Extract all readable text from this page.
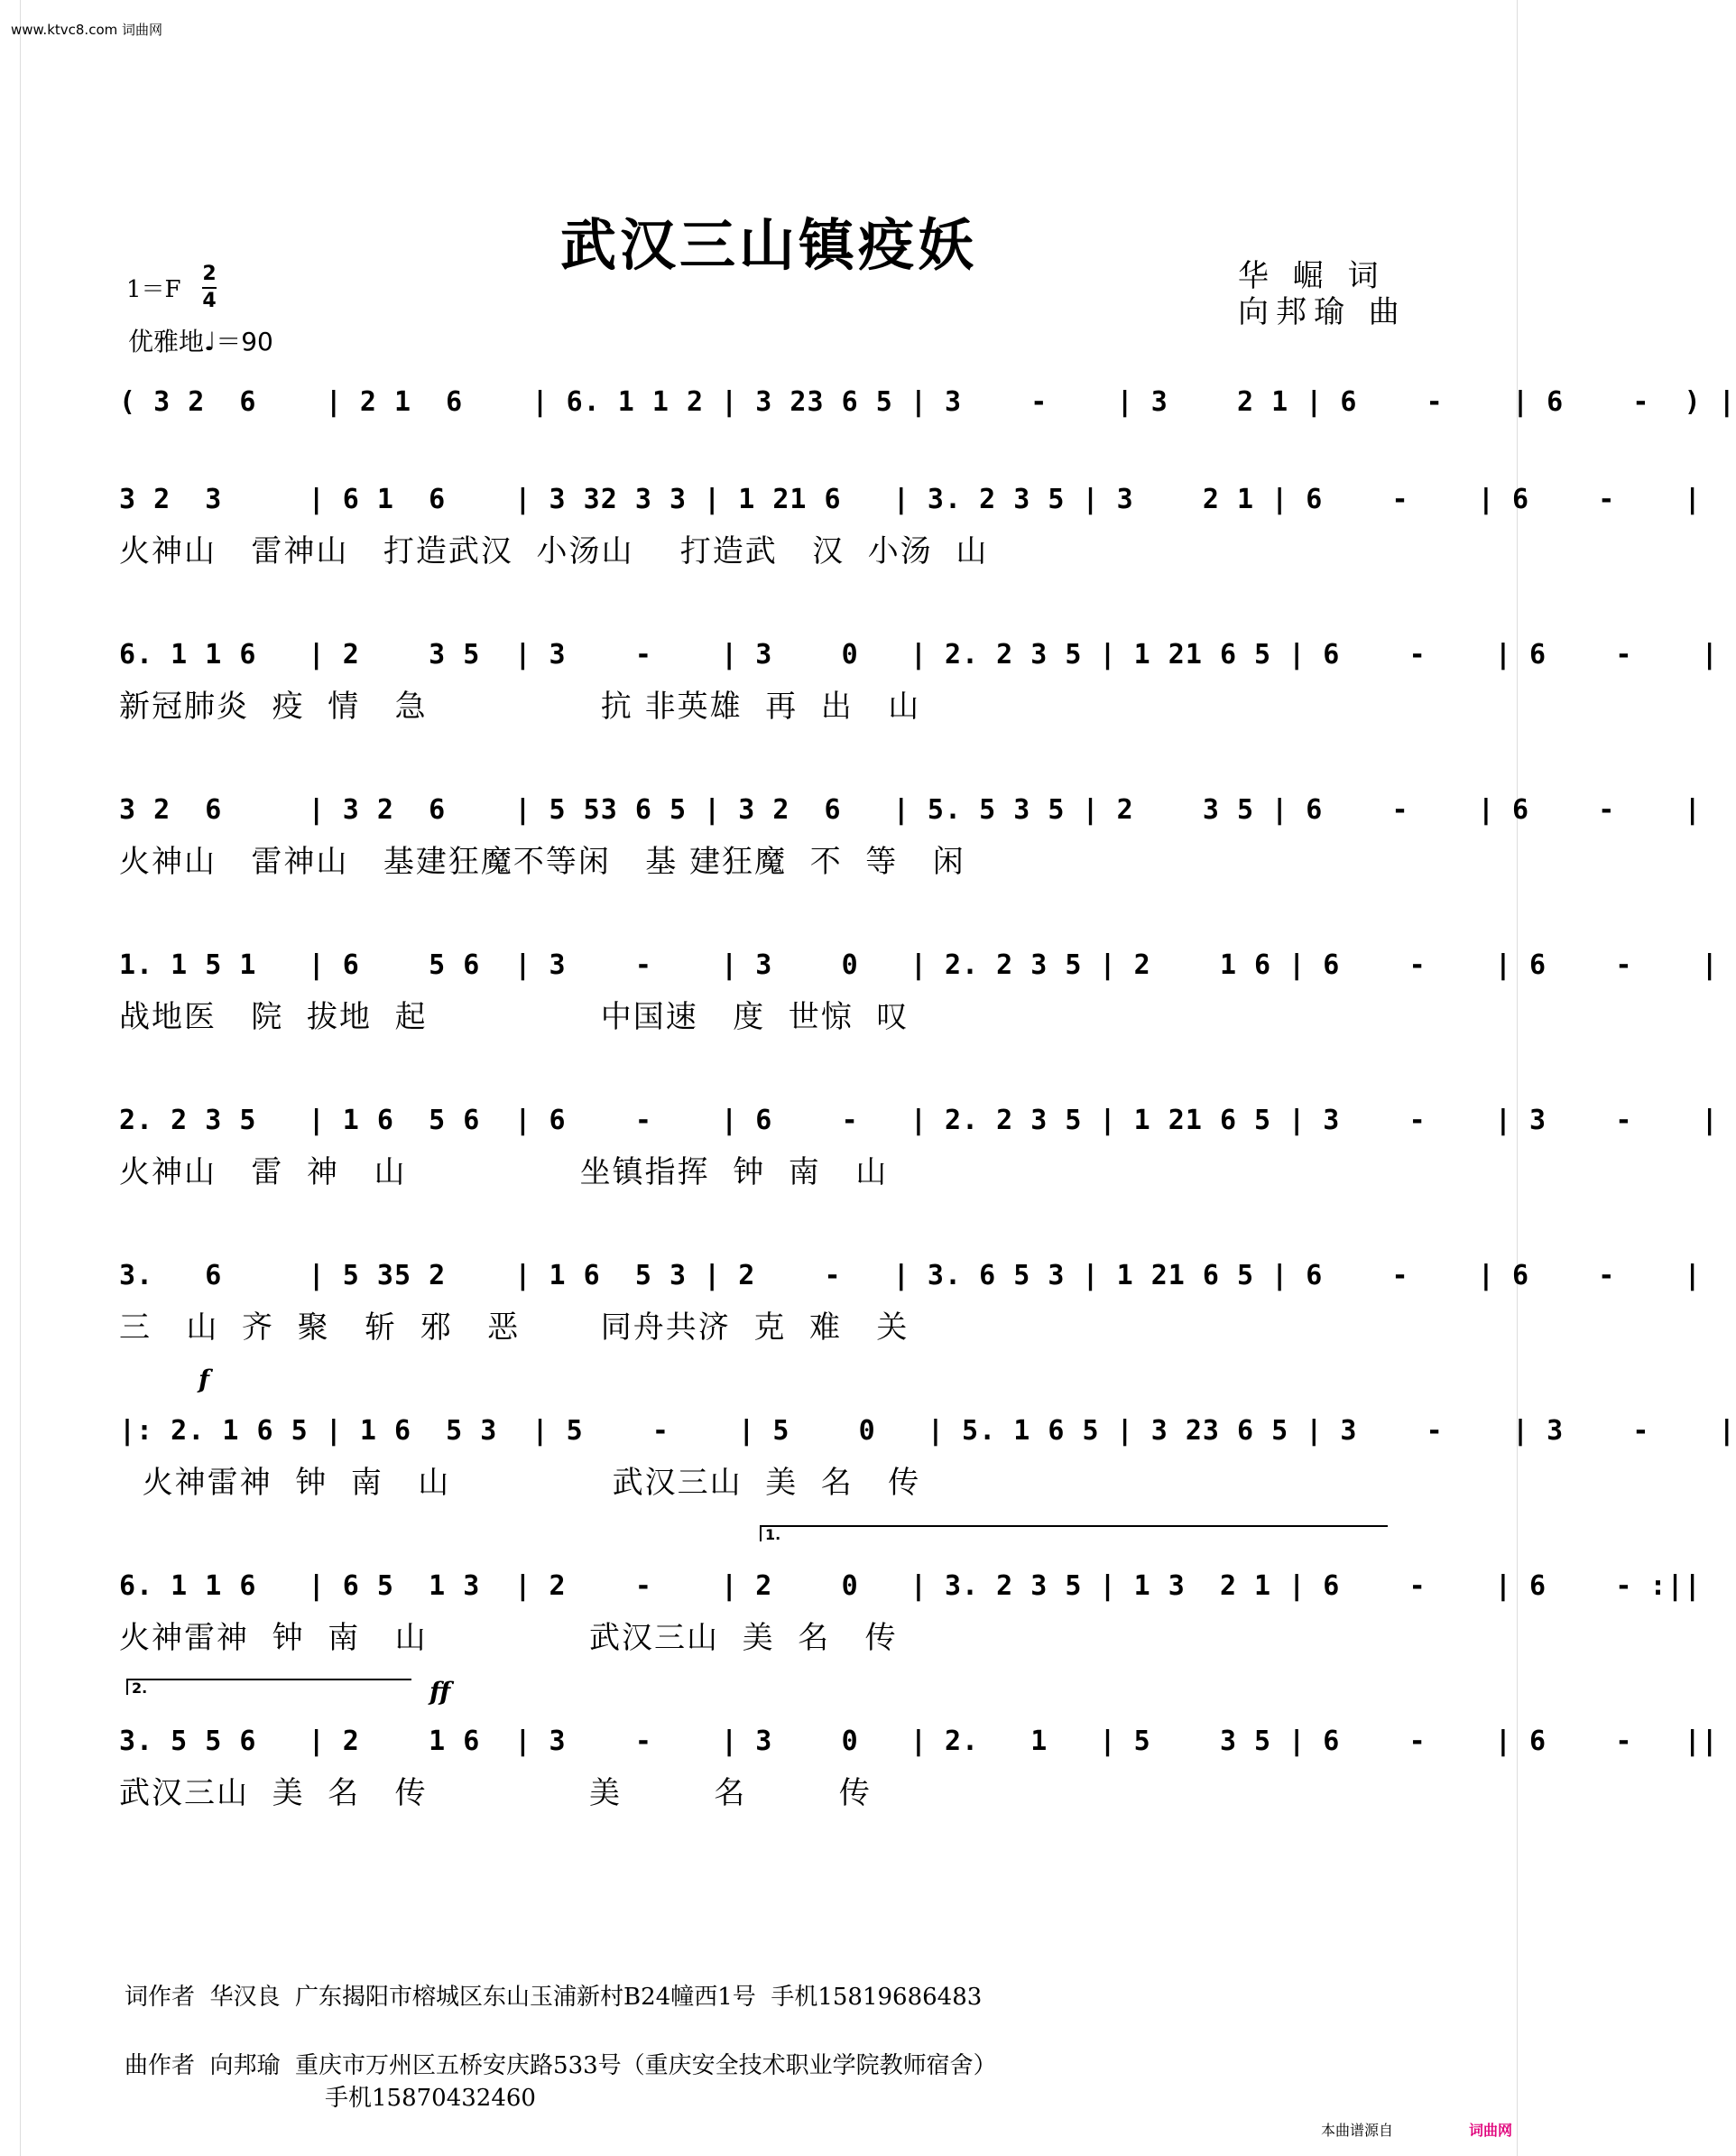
www.ktvc8.com 词曲网
武汉三山镇疫妖	华 崛 词
向邦瑜 曲
1＝F
2
4
优雅地♩＝90
f
ff
1.
2.
( 3 2  6    | 2 1  6    | 6. 1 1 2 | 3 23 6 5 | 3    -    | 3    2 1 | 6    -    | 6    -  ) |
3 2  3     | 6 1  6    | 3 32 3 3 | 1 21 6   | 3. 2 3 5 | 3    2 1 | 6    -    | 6    -    |
火神山   雷神山   打造武汉  小汤山    打造武   汉  小汤  山
6. 1 1 6   | 2    3 5  | 3    -    | 3    0   | 2. 2 3 5 | 1 21 6 5 | 6    -    | 6    -    |
新冠肺炎  疫  情   急               抗 非英雄  再  出   山
3 2  6     | 3 2  6    | 5 53 6 5 | 3 2  6   | 5. 5 3 5 | 2    3 5 | 6    -    | 6    -    |
火神山   雷神山   基建狂魔不等闲   基 建狂魔  不  等   闲
1. 1 5 1   | 6    5 6  | 3    -    | 3    0   | 2. 2 3 5 | 2    1 6 | 6    -    | 6    -    |
战地医   院  拔地  起               中国速   度  世惊  叹
2. 2 3 5   | 1 6  5 6  | 6    -    | 6    -   | 2. 2 3 5 | 1 21 6 5 | 3    -    | 3    -    |
火神山   雷  神   山               坐镇指挥  钟  南   山
3.   6     | 5 35 2    | 1 6  5 3 | 2    -   | 3. 6 5 3 | 1 21 6 5 | 6    -    | 6    -    |
三   山  齐  聚   斩  邪   恶       同舟共济  克  难   关
|: 2. 1 6 5 | 1 6  5 3  | 5    -    | 5    0   | 5. 1 6 5 | 3 23 6 5 | 3    -    | 3    -    |
火神雷神  钟  南   山              武汉三山  美  名   传
6. 1 1 6   | 6 5  1 3  | 2    -    | 2    0   | 3. 2 3 5 | 1 3  2 1 | 6    -    | 6    - :||
火神雷神  钟  南   山              武汉三山  美  名   传
3. 5 5 6   | 2    1 6  | 3    -    | 3    0   | 2.   1   | 5    3 5 | 6    -    | 6    -   ||
武汉三山  美  名   传              美        名        传
词作者  华汉良  广东揭阳市榕城区东山玉浦新村B24幢西1号  手机15819686483
曲作者  向邦瑜  重庆市万州区五桥安庆路533号（重庆安全技术职业学院教师宿舍）
手机15870432460
本曲谱源自	词曲网
